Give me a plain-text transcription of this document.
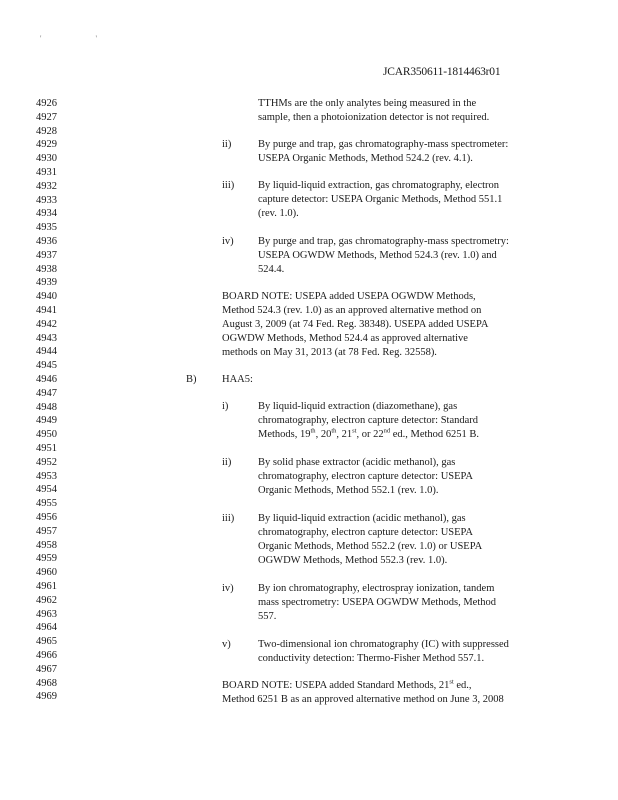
' '
JCAR350611-1814463r01
4926
4927
4928
4929
4930
4931
4932
4933
4934
4935
4936
4937
4938
4939
4940
4941
4942
4943
4944
4945
4946
4947
4948
4949
4950
4951
4952
4953
4954
4955
4956
4957
4958
4959
4960
4961
4962
4963
4964
4965
4966
4967
4968
4969
TTHMs are the only analytes being measured in the
sample, then a photoionization detector is not required.
ii)	By purge and trap, gas chromatography-mass spectrometer:
USEPA Organic Methods, Method 524.2 (rev. 4.1).
iii) By liquid-liquid extraction, gas chromatography, electron
capture detector: USEPA Organic Methods, Method 551.1
(rev. 1.0).
iv) By purge and trap, gas chromatography-mass spectrometry:
USEPA OGWDW Methods, Method 524.3 (rev. 1.0) and
524.4.
BOARD NOTE: USEPA added USEPA OGWDW Methods,
Method 524.3 (rev. 1.0) as an approved alternative method on
August 3, 2009 (at 74 Fed. Reg. 38348). USEPA added USEPA
OGWDW Methods, Method 524.4 as approved alternative
methods on May 31, 2013 (at 78 Fed. Reg. 32558).
B) HAA5:
i)	By liquid-liquid extraction (diazomethane), gas
chromatography, electron capture detector: Standard
Methods, 19th, 20th, 21st, or 22nd ed., Method 6251 B.
ii)	By solid phase extractor (acidic methanol), gas
chromatography, electron capture detector: USEPA
Organic Methods, Method 552.1 (rev. 1.0).
iii) By liquid-liquid extraction (acidic methanol), gas
chromatography, electron capture detector: USEPA
Organic Methods, Method 552.2 (rev. 1.0) or USEPA
OGWDW Methods, Method 552.3 (rev. 1.0).
iv) By ion chromatography, electrospray ionization, tandem
mass spectrometry: USEPA OGWDW Methods, Method
557.
v)	Two-dimensional ion chromatography (IC) with suppressed
conductivity detection: Thermo-Fisher Method 557.1.
BOARD NOTE: USEPA added Standard Methods, 21st ed.,
Method 6251 B as an approved alternative method on June 3, 2008
